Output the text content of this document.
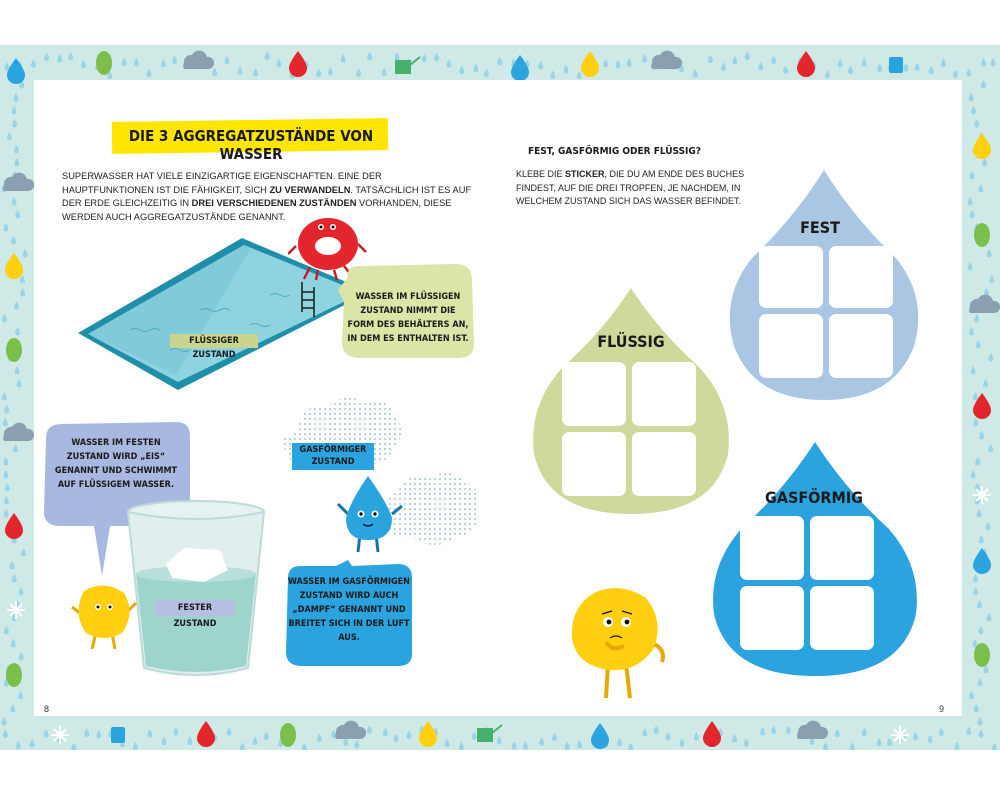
DIE 3 AGGREGATZUSTÄNDE VON WASSER
SUPERWASSER HAT VIELE EINZIGARTIGE EIGENSCHAFTEN. EINE DER HAUPTFUNKTIONEN IST DIE FÄHIGKEIT, SICH ZU VERWANDELN. TATSÄCHLICH IST ES AUF DER ERDE GLEICHZEITIG IN DREI VERSCHIEDENEN ZUSTÄNDEN VORHANDEN, DIESE WERDEN AUCH AGGREGATZUSTÄNDE GENANNT.
FLÜSSIGER ZUSTAND
WASSER IM FLÜSSIGEN ZUSTAND NIMMT DIE FORM DES BEHÄLTERS AN, IN DEM ES ENTHALTEN IST.
WASSER IM FESTEN ZUSTAND WIRD „EIS“ GENANNT UND SCHWIMMT AUF FLÜSSIGEM WASSER.
FESTER ZUSTAND
GASFÖRMIGER ZUSTAND
WASSER IM GASFÖRMIGEN ZUSTAND WIRD AUCH „DAMPF“ GENANNT UND BREITET SICH IN DER LUFT AUS.
8
FEST, GASFÖRMIG ODER FLÜSSIG?
KLEBE DIE STICKER, DIE DU AM ENDE DES BUCHES FINDEST, AUF DIE DREI TROPFEN, JE NACHDEM, IN WELCHEM ZUSTAND SICH DAS WASSER BEFINDET.
FEST
FLÜSSIG
GASFÖRMIG
9
